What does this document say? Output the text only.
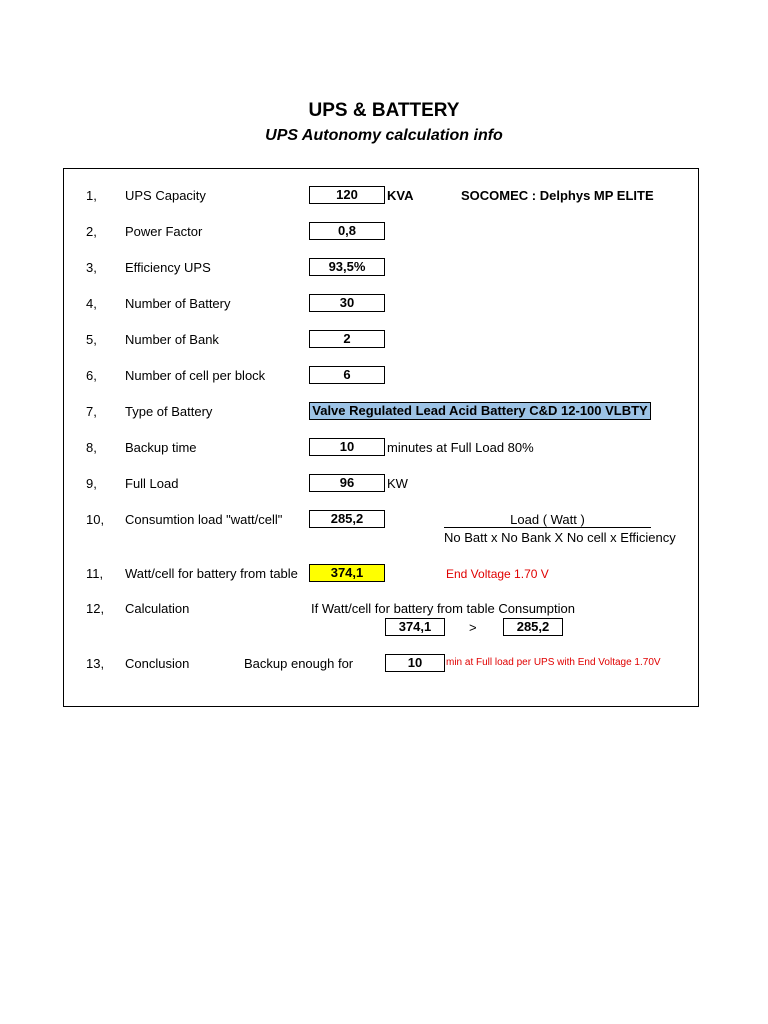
UPS & BATTERY
UPS Autonomy calculation info
1, UPS Capacity	120	KVA	SOCOMEC : Delphys MP ELITE
2, Power Factor	0,8
3, Efficiency UPS	93,5%
4, Number of Battery	30
5, Number of Bank	2
6, Number of cell per block	6
7, Type of Battery	Valve Regulated Lead Acid Battery C&D 12-100 VLBTY
8, Backup time	10	minutes at Full Load 80%
9, Full Load	96	KW
10, Consumtion load "watt/cell"	285,2	Load ( Watt )
No Batt x No Bank X No cell x Efficiency
11, Watt/cell for battery from table	374,1	End Voltage 1.70 V
12, Calculation	If Watt/cell for battery from table Consumption
374,1	>	285,2
13, Conclusion	Backup enough for	10	min at Full load per UPS with End Voltage 1.70V
